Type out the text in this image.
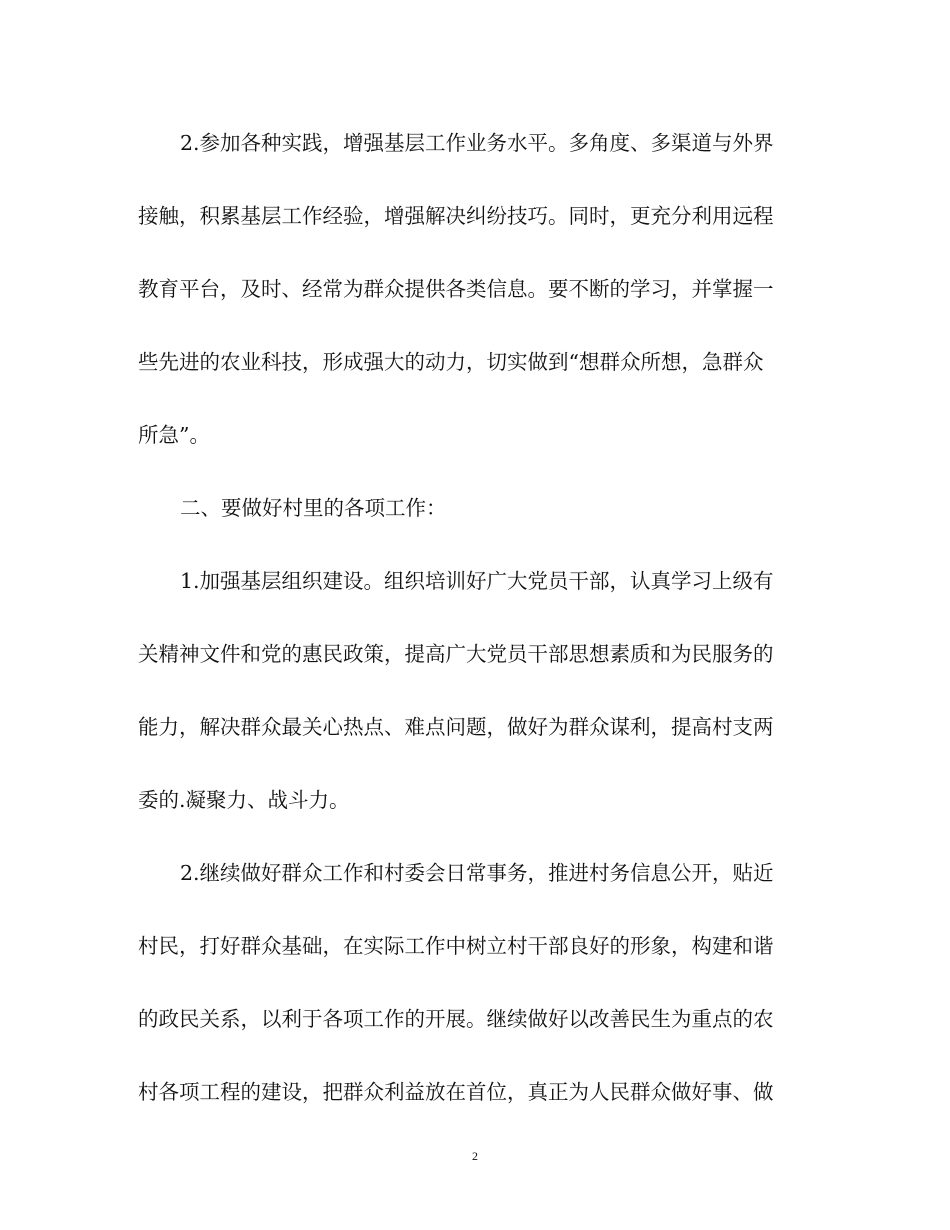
2.参加各种实践，增强基层工作业务水平。多角度、多渠道与外界
接触，积累基层工作经验，增强解决纠纷技巧。同时，更充分利用远程
教育平台，及时、经常为群众提供各类信息。要不断的学习，并掌握一
些先进的农业科技，形成强大的动力，切实做到“想群众所想，急群众
所急”。
二、要做好村里的各项工作：
1.加强基层组织建设。组织培训好广大党员干部，认真学习上级有
关精神文件和党的惠民政策，提高广大党员干部思想素质和为民服务的
能力，解决群众最关心热点、难点问题，做好为群众谋利，提高村支两
委的.凝聚力、战斗力。
2.继续做好群众工作和村委会日常事务，推进村务信息公开，贴近
村民，打好群众基础，在实际工作中树立村干部良好的形象，构建和谐
的政民关系，以利于各项工作的开展。继续做好以改善民生为重点的农
村各项工程的建设，把群众利益放在首位，真正为人民群众做好事、做
2
